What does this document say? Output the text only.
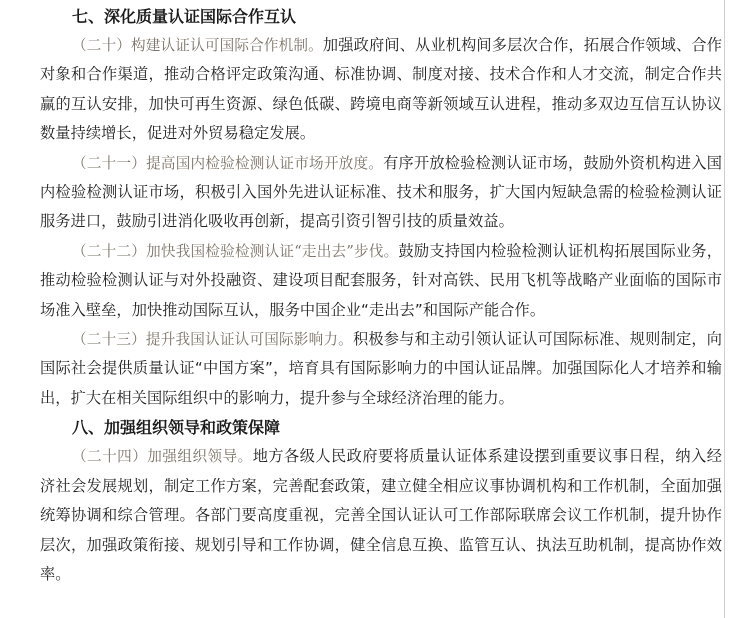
七、深化质量认证国际合作互认

（二十）构建认证认可国际合作机制。加强政府间、从业机构间多层次合作，拓展合作领域、合作对象和合作渠道，推动合格评定政策沟通、标准协调、制度对接、技术合作和人才交流，制定合作共赢的互认安排，加快可再生资源、绿色低碳、跨境电商等新领域互认进程，推动多双边互信互认协议数量持续增长，促进对外贸易稳定发展。

（二十一）提高国内检验检测认证市场开放度。有序开放检验检测认证市场，鼓励外资机构进入国内检验检测认证市场，积极引入国外先进认证标准、技术和服务，扩大国内短缺急需的检验检测认证服务进口，鼓励引进消化吸收再创新，提高引资引智引技的质量效益。

（二十二）加快我国检验检测认证“走出去”步伐。鼓励支持国内检验检测认证机构拓展国际业务，推动检验检测认证与对外投融资、建设项目配套服务，针对高铁、民用飞机等战略产业面临的国际市场准入壁垒，加快推动国际互认，服务中国企业“走出去”和国际产能合作。

（二十三）提升我国认证认可国际影响力。积极参与和主动引领认证认可国际标准、规则制定，向国际社会提供质量认证“中国方案”，培育具有国际影响力的中国认证品牌。加强国际化人才培养和输出，扩大在相关国际组织中的影响力，提升参与全球经济治理的能力。

八、加强组织领导和政策保障

（二十四）加强组织领导。地方各级人民政府要将质量认证体系建设摆到重要议事日程，纳入经济社会发展规划，制定工作方案，完善配套政策，建立健全相应议事协调机构和工作机制，全面加强统筹协调和综合管理。各部门要高度重视，完善全国认证认可工作部际联席会议工作机制，提升协作层次，加强政策衔接、规划引导和工作协调，健全信息互换、监管互认、执法互助机制，提高协作效率。
